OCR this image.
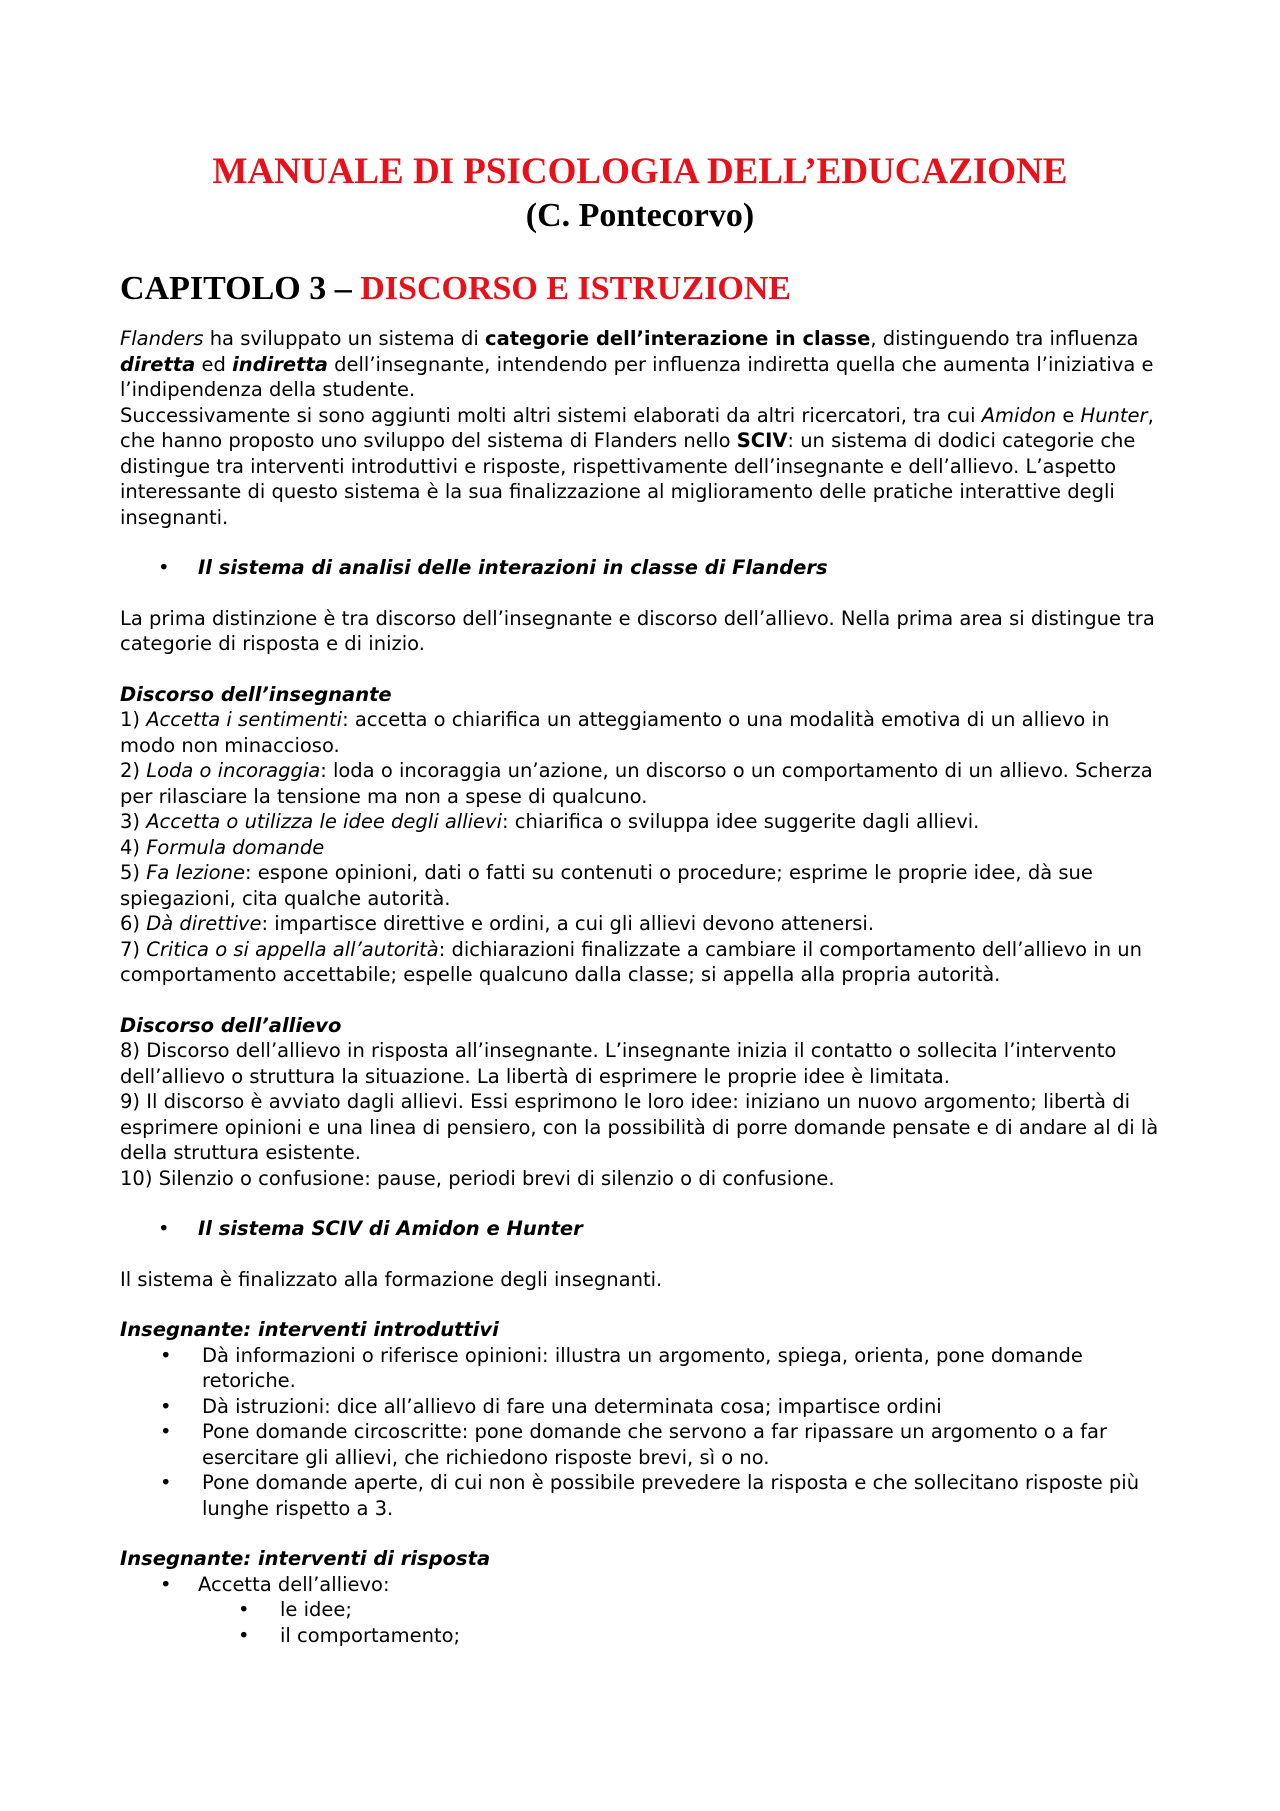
MANUALE DI PSICOLOGIA DELL’EDUCAZIONE
(C. Pontecorvo)
CAPITOLO 3 – DISCORSO E ISTRUZIONE

Flanders ha sviluppato un sistema di categorie dell’interazione in classe, distinguendo tra influenza diretta ed indiretta dell’insegnante, intendendo per influenza indiretta quella che aumenta l’iniziativa e l’indipendenza della studente.

Successivamente si sono aggiunti molti altri sistemi elaborati da altri ricercatori, tra cui Amidon e Hunter, che hanno proposto uno sviluppo del sistema di Flanders nello SCIV: un sistema di dodici categorie che distingue tra interventi introduttivi e risposte, rispettivamente dell’insegnante e dell’allievo. L’aspetto interessante di questo sistema è la sua finalizzazione al miglioramento delle pratiche interattive degli insegnanti.

• Il sistema di analisi delle interazioni in classe di Flanders

La prima distinzione è tra discorso dell’insegnante e discorso dell’allievo. Nella prima area si distingue tra categorie di risposta e di inizio.

Discorso dell’insegnante

1) Accetta i sentimenti: accetta o chiarifica un atteggiamento o una modalità emotiva di un allievo in modo non minaccioso.

2) Loda o incoraggia: loda o incoraggia un’azione, un discorso o un comportamento di un allievo. Scherza per rilasciare la tensione ma non a spese di qualcuno.

3) Accetta o utilizza le idee degli allievi: chiarifica o sviluppa idee suggerite dagli allievi.

4) Formula domande

5) Fa lezione: espone opinioni, dati o fatti su contenuti o procedure; esprime le proprie idee, dà sue spiegazioni, cita qualche autorità.

6) Dà direttive: impartisce direttive e ordini, a cui gli allievi devono attenersi.

7) Critica o si appella all’autorità: dichiarazioni finalizzate a cambiare il comportamento dell’allievo in un comportamento accettabile; espelle qualcuno dalla classe; si appella alla propria autorità.

Discorso dell’allievo

8) Discorso dell’allievo in risposta all’insegnante. L’insegnante inizia il contatto o sollecita l’intervento dell’allievo o struttura la situazione. La libertà di esprimere le proprie idee è limitata.

9) Il discorso è avviato dagli allievi. Essi esprimono le loro idee: iniziano un nuovo argomento; libertà di esprimere opinioni e una linea di pensiero, con la possibilità di porre domande pensate e di andare al di là della struttura esistente.

10) Silenzio o confusione: pause, periodi brevi di silenzio o di confusione.

• Il sistema SCIV di Amidon e Hunter

Il sistema è finalizzato alla formazione degli insegnanti.

Insegnante: interventi introduttivi

• Dà informazioni o riferisce opinioni: illustra un argomento, spiega, orienta, pone domande retoriche.
• Dà istruzioni: dice all’allievo di fare una determinata cosa; impartisce ordini
• Pone domande circoscritte: pone domande che servono a far ripassare un argomento o a far esercitare gli allievi, che richiedono risposte brevi, sì o no.
• Pone domande aperte, di cui non è possibile prevedere la risposta e che sollecitano risposte più lunghe rispetto a 3.

Insegnante: interventi di risposta

• Accetta dell’allievo:
• le idee;
• il comportamento;
